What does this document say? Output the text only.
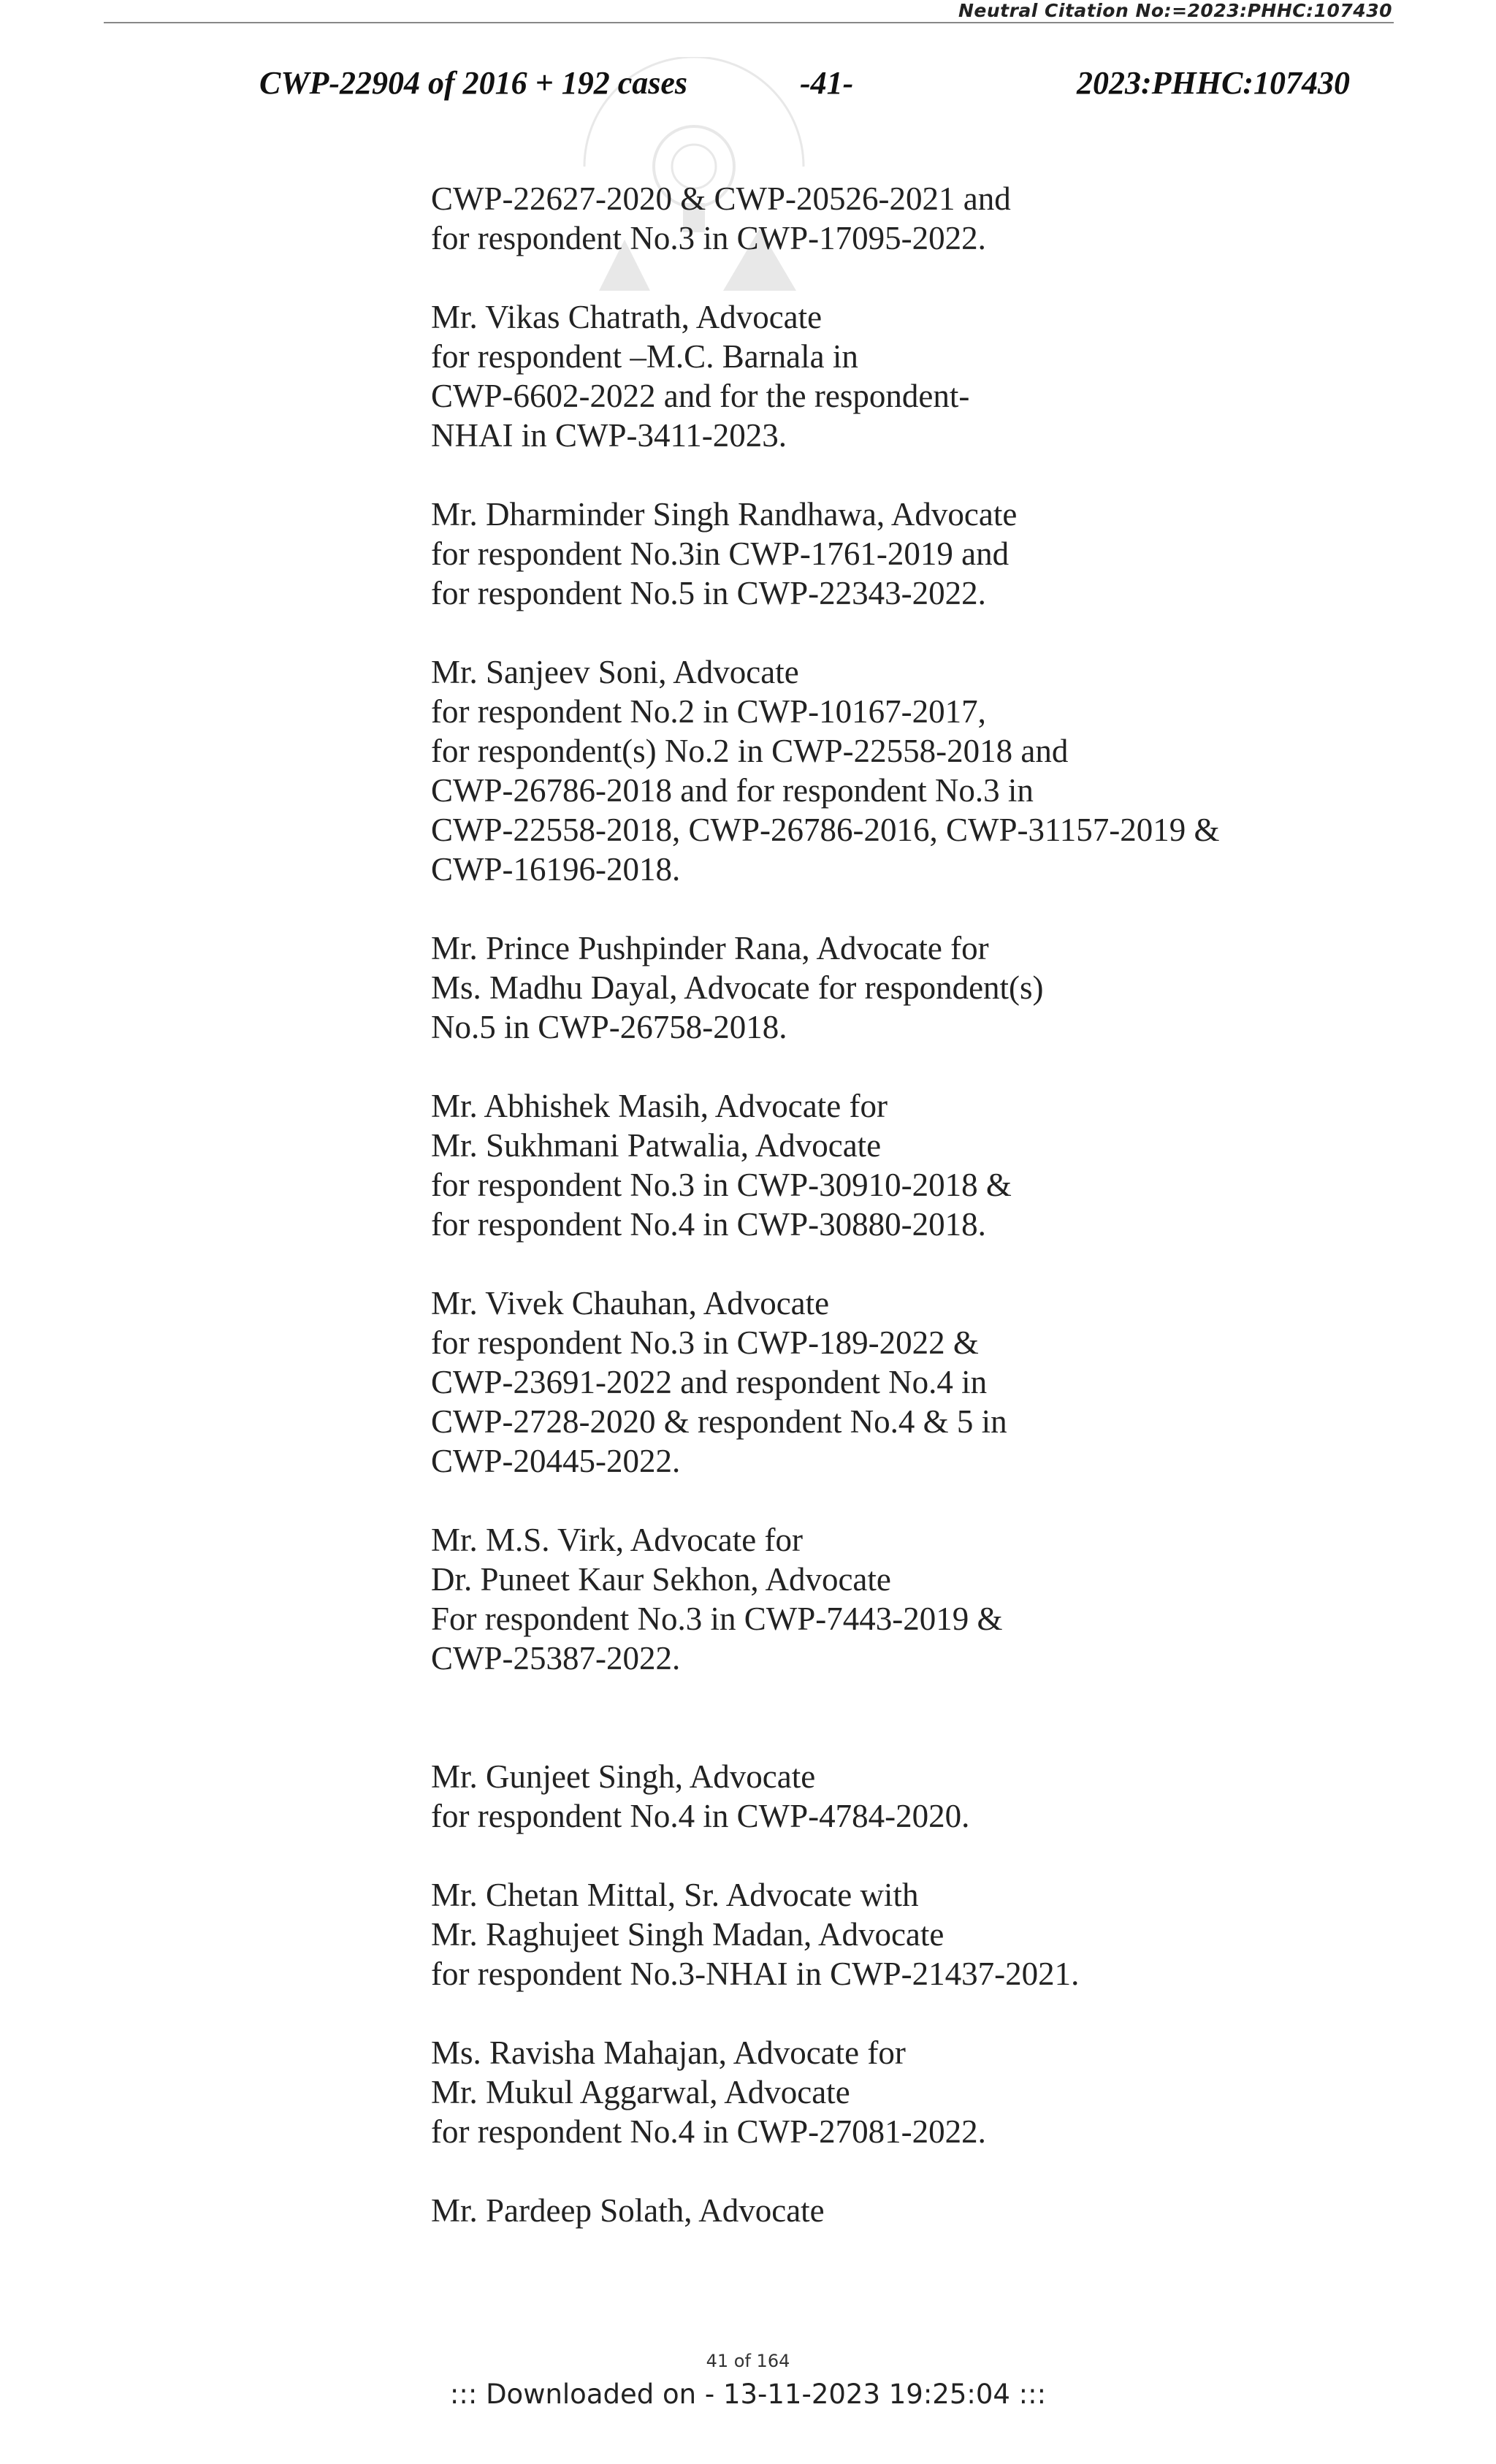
Neutral Citation No:=2023:PHHC:107430
CWP-22904 of 2016 + 192 cases	-41-	2023:PHHC:107430
CWP-22627-2020 & CWP-20526-2021 and
for respondent No.3 in CWP-17095-2022.
Mr. Vikas Chatrath, Advocate
for respondent –M.C. Barnala in
CWP-6602-2022 and for the respondent-
NHAI in CWP-3411-2023.
Mr. Dharminder Singh Randhawa, Advocate
for respondent No.3in CWP-1761-2019 and
for respondent No.5 in CWP-22343-2022.
Mr. Sanjeev Soni, Advocate
for respondent No.2 in CWP-10167-2017,
for respondent(s) No.2 in CWP-22558-2018 and
CWP-26786-2018 and for respondent No.3 in
CWP-22558-2018, CWP-26786-2016, CWP-31157-2019 &
CWP-16196-2018.
Mr. Prince Pushpinder Rana, Advocate for
Ms. Madhu Dayal, Advocate for respondent(s)
No.5 in CWP-26758-2018.
Mr. Abhishek Masih, Advocate for
Mr. Sukhmani Patwalia, Advocate
for respondent No.3 in CWP-30910-2018 &
for respondent No.4 in CWP-30880-2018.
Mr. Vivek Chauhan, Advocate
for respondent No.3 in CWP-189-2022 &
CWP-23691-2022 and respondent No.4 in
CWP-2728-2020 & respondent No.4 & 5 in
CWP-20445-2022.
Mr. M.S. Virk, Advocate for
Dr. Puneet Kaur Sekhon, Advocate
For respondent No.3 in CWP-7443-2019 &
CWP-25387-2022.
Mr. Gunjeet Singh, Advocate
for respondent No.4 in CWP-4784-2020.
Mr. Chetan Mittal, Sr. Advocate with
Mr. Raghujeet Singh Madan, Advocate
for respondent No.3-NHAI in CWP-21437-2021.
Ms. Ravisha Mahajan, Advocate for
Mr. Mukul Aggarwal, Advocate
for respondent No.4 in CWP-27081-2022.
Mr. Pardeep Solath, Advocate
41 of 164
::: Downloaded on - 13-11-2023 19:25:04 :::
